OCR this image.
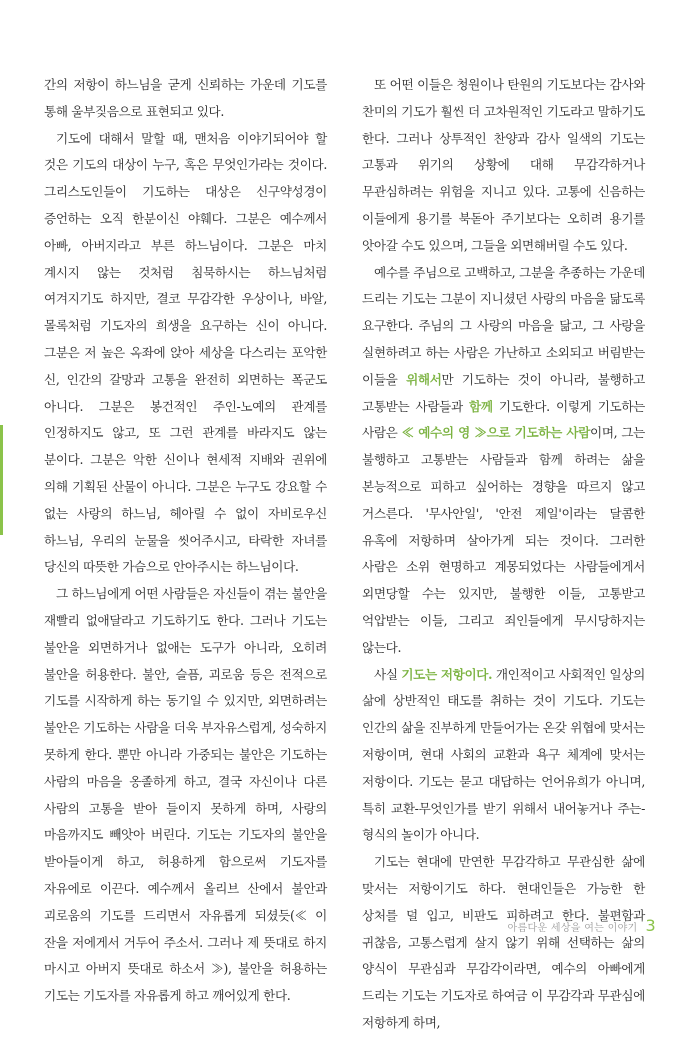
간의 저항이 하느님을 굳게 신뢰하는 가운데 기도를 통해 울부짖음으로 표현되고 있다.

기도에 대해서 말할 때, 맨처음 이야기되어야 할 것은 기도의 대상이 누구, 혹은 무엇인가라는 것이다. 그리스도인들이 기도하는 대상은 신구약성경이 증언하는 오직 한분이신 야훼다. 그분은 예수께서 아빠, 아버지라고 부른 하느님이다. 그분은 마치 계시지 않는 것처럼 침묵하시는 하느님처럼 여겨지기도 하지만, 결코 무감각한 우상이나, 바알, 몰록처럼 기도자의 희생을 요구하는 신이 아니다. 그분은 저 높은 옥좌에 앉아 세상을 다스리는 포악한 신, 인간의 갈망과 고통을 완전히 외면하는 폭군도 아니다. 그분은 봉건적인 주인-노예의 관계를 인정하지도 않고, 또 그런 관계를 바라지도 않는 분이다. 그분은 악한 신이나 현세적 지배와 권위에 의해 기획된 산물이 아니다. 그분은 누구도 강요할 수 없는 사랑의 하느님, 헤아릴 수 없이 자비로우신 하느님, 우리의 눈물을 씻어주시고, 타락한 자녀를 당신의 따뜻한 가슴으로 안아주시는 하느님이다.

그 하느님에게 어떤 사람들은 자신들이 겪는 불안을 재빨리 없애달라고 기도하기도 한다. 그러나 기도는 불안을 외면하거나 없애는 도구가 아니라, 오히려 불안을 허용한다. 불안, 슬픔, 괴로움 등은 전적으로 기도를 시작하게 하는 동기일 수 있지만, 외면하려는 불안은 기도하는 사람을 더욱 부자유스럽게, 성숙하지 못하게 한다. 뿐만 아니라 가중되는 불안은 기도하는 사람의 마음을 옹졸하게 하고, 결국 자신이나 다른 사람의 고통을 받아 들이지 못하게 하며, 사랑의 마음까지도 빼앗아 버린다. 기도는 기도자의 불안을 받아들이게 하고, 허용하게 함으로써 기도자를 자유에로 이끈다. 예수께서 올리브 산에서 불안과 괴로움의 기도를 드리면서 자유롭게 되셨듯(≪ 이 잔을 저에게서 거두어 주소서. 그러나 제 뜻대로 하지 마시고 아버지 뜻대로 하소서 ≫), 불안을 허용하는 기도는 기도자를 자유롭게 하고 깨어있게 한다.

또 어떤 이들은 청원이나 탄원의 기도보다는 감사와 찬미의 기도가 훨씬 더 고차원적인 기도라고 말하기도 한다. 그러나 상투적인 찬양과 감사 일색의 기도는 고통과 위기의 상황에 대해 무감각하거나 무관심하려는 위험을 지니고 있다. 고통에 신음하는 이들에게 용기를 북돋아 주기보다는 오히려 용기를 앗아갈 수도 있으며, 그들을 외면해버릴 수도 있다.

예수를 주님으로 고백하고, 그분을 추종하는 가운데 드리는 기도는 그분이 지니셨던 사랑의 마음을 닮도록 요구한다. 주님의 그 사랑의 마음을 닮고, 그 사랑을 실현하려고 하는 사람은 가난하고 소외되고 버림받는 이들을 위해서만 기도하는 것이 아니라, 불행하고 고통받는 사람들과 함께 기도한다. 이렇게 기도하는 사람은 ≪ 예수의 영 ≫으로 기도하는 사람이며, 그는 불행하고 고통받는 사람들과 함께 하려는 삶을 본능적으로 피하고 싶어하는 경향을 따르지 않고 거스른다. '무사안일', '안전 제일'이라는 달콤한 유혹에 저항하며 살아가게 되는 것이다. 그러한 사람은 소위 현명하고 계몽되었다는 사람들에게서 외면당할 수는 있지만, 불행한 이들, 고통받고 억압받는 이들, 그리고 죄인들에게 무시당하지는 않는다.

사실 기도는 저항이다. 개인적이고 사회적인 일상의 삶에 상반적인 태도를 취하는 것이 기도다. 기도는 인간의 삶을 진부하게 만들어가는 온갖 위협에 맞서는 저항이며, 현대 사회의 교환과 욕구 체계에 맞서는 저항이다. 기도는 묻고 대답하는 언어유희가 아니며, 특히 교환-무엇인가를 받기 위해서 내어놓거나 주는-형식의 놀이가 아니다.

기도는 현대에 만연한 무감각하고 무관심한 삶에 맞서는 저항이기도 하다. 현대인들은 가능한 한 상처를 덜 입고, 비판도 피하려고 한다. 불편함과 귀찮음, 고통스럽게 살지 않기 위해 선택하는 삶의 양식이 무관심과 무감각이라면, 예수의 아빠에게 드리는 기도는 기도자로 하여금 이 무감각과 무관심에 저항하게 하며,

아름다운 세상을 여는 이야기 3
